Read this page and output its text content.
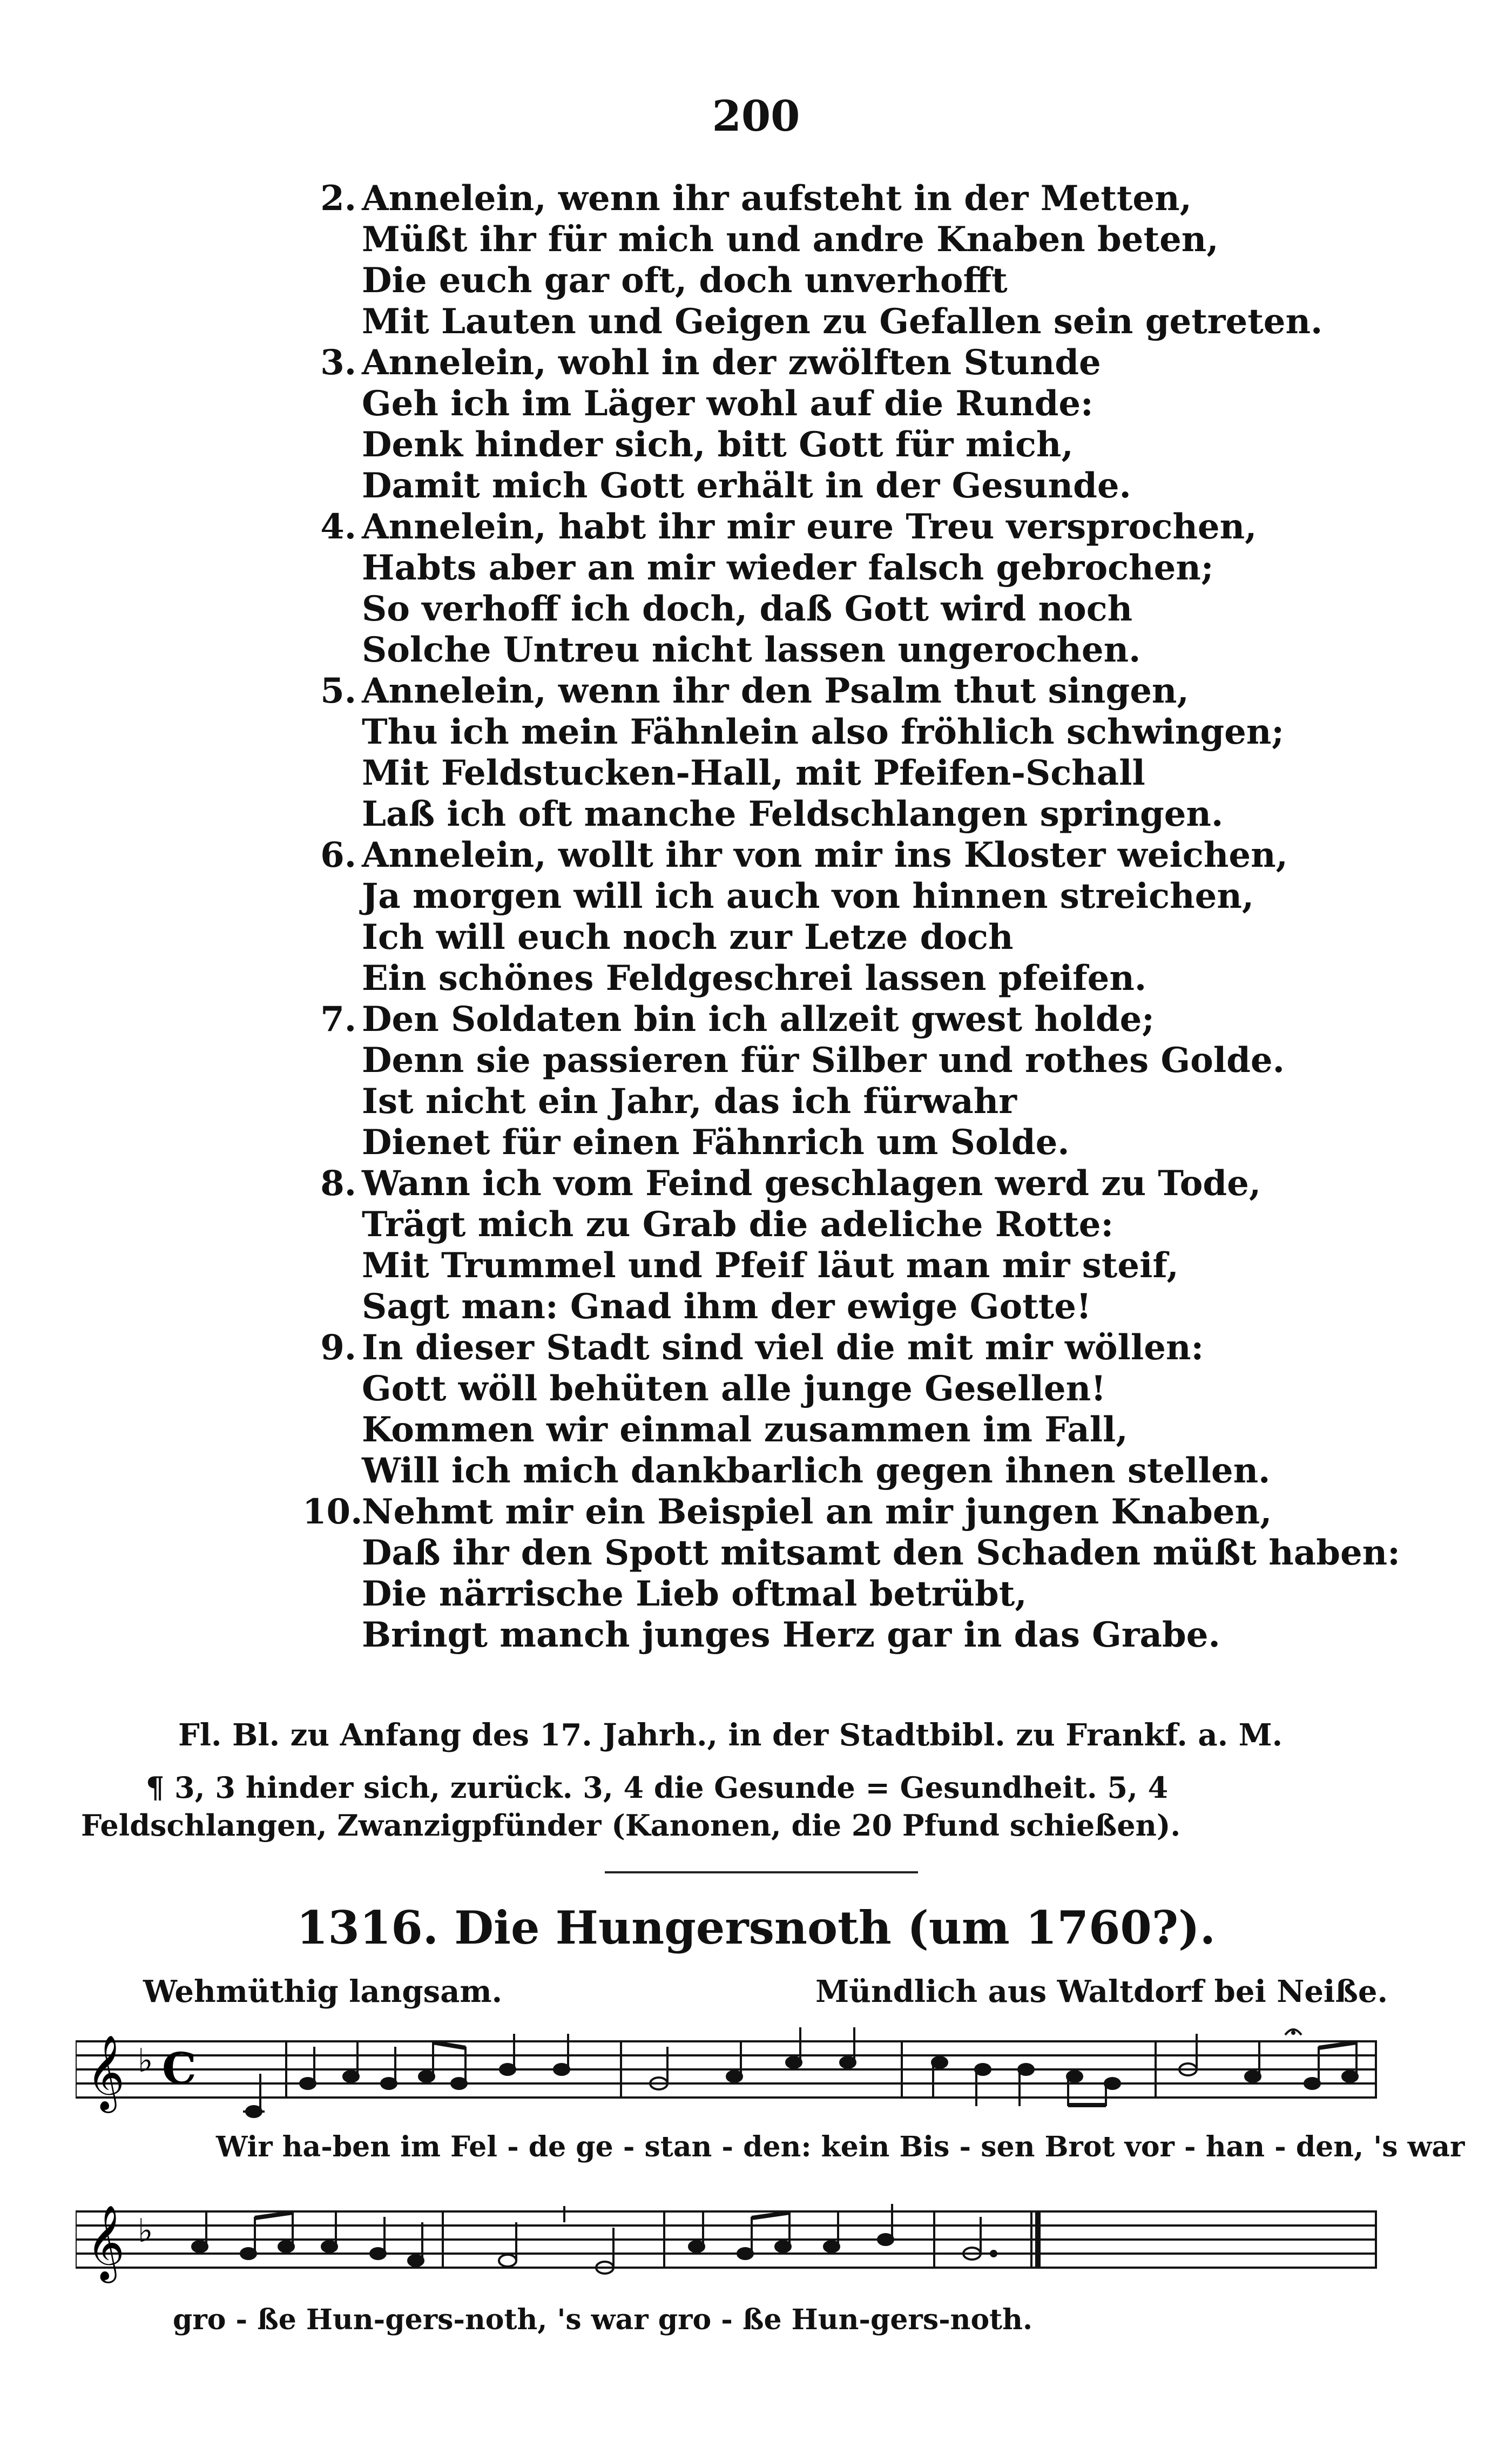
200
2. Annelein, wenn ihr aufsteht in der Metten,
Müßt ihr für mich und andre Knaben beten,
Die euch gar oft, doch unverhofft
Mit Lauten und Geigen zu Gefallen sein getreten.
3. Annelein, wohl in der zwölften Stunde
Geh ich im Läger wohl auf die Runde:
Denk hinder sich, bitt Gott für mich,
Damit mich Gott erhält in der Gesunde.
4. Annelein, habt ihr mir eure Treu versprochen,
Habts aber an mir wieder falsch gebrochen;
So verhoff ich doch, daß Gott wird noch
Solche Untreu nicht lassen ungerochen.
5. Annelein, wenn ihr den Psalm thut singen,
Thu ich mein Fähnlein also fröhlich schwingen;
Mit Feldstucken-Hall, mit Pfeifen-Schall
Laß ich oft manche Feldschlangen springen.
6. Annelein, wollt ihr von mir ins Kloster weichen,
Ja morgen will ich auch von hinnen streichen,
Ich will euch noch zur Letze doch
Ein schönes Feldgeschrei lassen pfeifen.
7. Den Soldaten bin ich allzeit gwest holde;
Denn sie passieren für Silber und rothes Golde.
Ist nicht ein Jahr, das ich fürwahr
Dienet für einen Fähnrich um Solde.
8. Wann ich vom Feind geschlagen werd zu Tode,
Trägt mich zu Grab die adeliche Rotte:
Mit Trummel und Pfeif läut man mir steif,
Sagt man: Gnad ihm der ewige Gotte!
9. In dieser Stadt sind viel die mit mir wöllen:
Gott wöll behüten alle junge Gesellen!
Kommen wir einmal zusammen im Fall,
Will ich mich dankbarlich gegen ihnen stellen.
10.
Nehmt mir ein Beispiel an mir jungen Knaben,
Daß ihr den Spott mitsamt den Schaden müßt haben:
Die närrische Lieb oftmal betrübt,
Bringt manch junges Herz gar in das Grabe.
Fl. Bl. zu Anfang des 17. Jahrh., in der Stadtbibl. zu Frankf. a. M.
¶ 3, 3 hinder sich, zurück. 3, 4 die Gesunde = Gesundheit. 5, 4 Feldschlangen, Zwanzigpfünder (Kanonen, die 20 Pfund schießen).
1316. Die Hungersnoth (um 1760?).
Wehmüthig langsam.	Mündlich aus Waltdorf bei Neiße.
𝄞 ♭ C
Wir ha-ben im Fel - de ge - stan - den: kein Bis - sen Brot vor - han - den, 's war
𝄞 ♭
gro - ße Hun-gers-noth, 's war gro - ße Hun-gers-noth.
